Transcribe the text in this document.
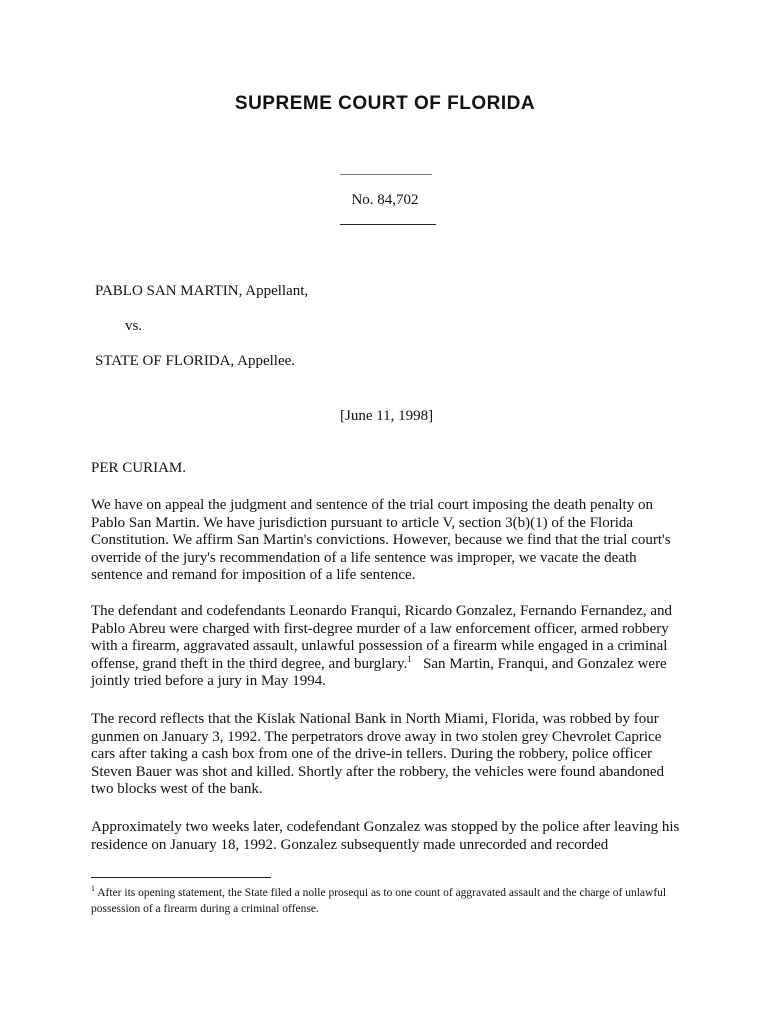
SUPREME COURT OF FLORIDA
No. 84,702
PABLO SAN MARTIN, Appellant,
vs.
STATE OF FLORIDA, Appellee.
[June 11, 1998]
PER CURIAM.

We have on appeal the judgment and sentence of the trial court imposing the death penalty on Pablo San Martin. We have jurisdiction pursuant to article V, section 3(b)(1) of the Florida Constitution. We affirm San Martin's convictions. However, because we find that the trial court's override of the jury's recommendation of a life sentence was improper, we vacate the death sentence and remand for imposition of a life sentence.

The defendant and codefendants Leonardo Franqui, Ricardo Gonzalez, Fernando Fernandez, and Pablo Abreu were charged with first-degree murder of a law enforcement officer, armed robbery with a firearm, aggravated assault, unlawful possession of a firearm while engaged in a criminal offense, grand theft in the third degree, and burglary.$^1$ San Martin, Franqui, and Gonzalez were jointly tried before a jury in May 1994.

The record reflects that the Kislak National Bank in North Miami, Florida, was robbed by four gunmen on January 3, 1992. The perpetrators drove away in two stolen grey Chevrolet Caprice cars after taking a cash box from one of the drive-in tellers. During the robbery, police officer Steven Bauer was shot and killed. Shortly after the robbery, the vehicles were found abandoned two blocks west of the bank.

Approximately two weeks later, codefendant Gonzalez was stopped by the police after leaving his residence on January 18, 1992. Gonzalez subsequently made unrecorded and recorded

$^1$ After its opening statement, the State filed a nolle prosequi as to one count of aggravated assault and the charge of unlawful possession of a firearm during a criminal offense.
